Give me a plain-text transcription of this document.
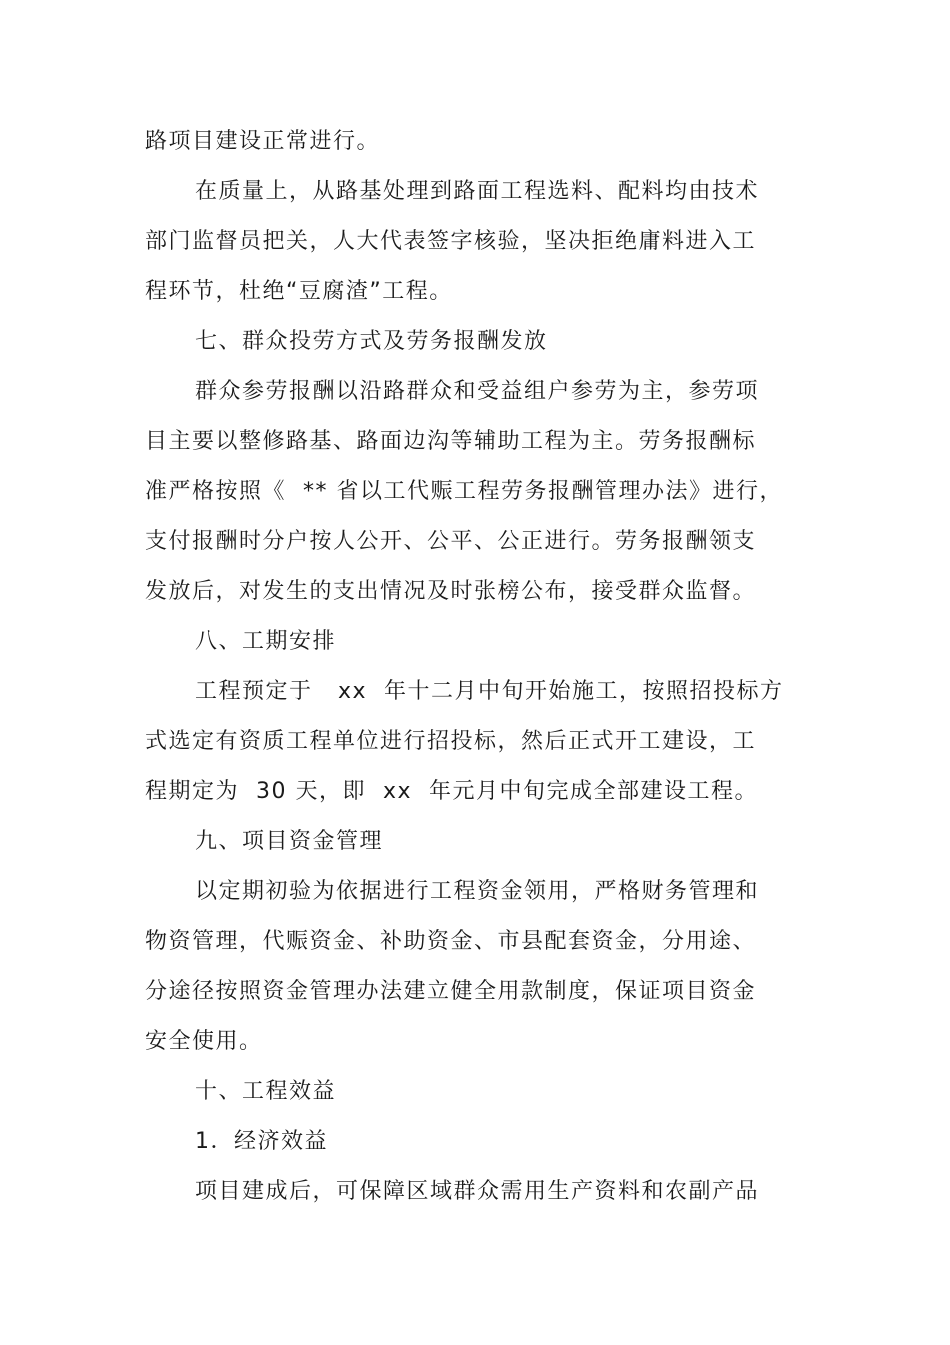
路项目建设正常进行。
在质量上，从路基处理到路面工程选料、配料均由技术
部门监督员把关，人大代表签字核验，坚决拒绝庸料进入工
程环节，杜绝“豆腐渣”工程。
七、群众投劳方式及劳务报酬发放
群众参劳报酬以沿路群众和受益组户参劳为主，参劳项
目主要以整修路基、路面边沟等辅助工程为主。劳务报酬标
准严格按照《  ** 省以工代赈工程劳务报酬管理办法》进行，
支付报酬时分户按人公开、公平、公正进行。劳务报酬领支
发放后，对发生的支出情况及时张榜公布，接受群众监督。
八、工期安排
工程预定于   xx  年十二月中旬开始施工，按照招投标方
式选定有资质工程单位进行招投标，然后正式开工建设，工
程期定为  30 天，即  xx  年元月中旬完成全部建设工程。
九、项目资金管理
以定期初验为依据进行工程资金领用，严格财务管理和
物资管理，代赈资金、补助资金、市县配套资金，分用途、
分途径按照资金管理办法建立健全用款制度，保证项目资金
安全使用。
十、工程效益
1．经济效益
项目建成后，可保障区域群众需用生产资料和农副产品
